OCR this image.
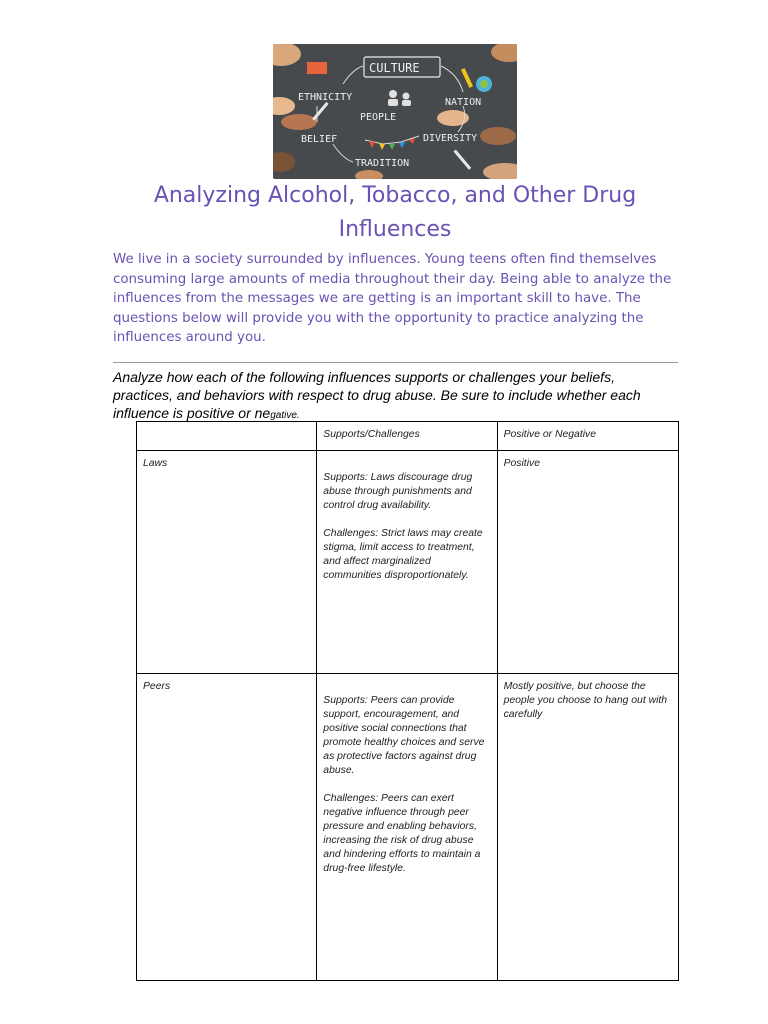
CULTURE
ETHNICITY	NATION
PEOPLE
BELIEF	DIVERSITY
TRADITION
Analyzing Alcohol, Tobacco, and Other Drug Influences

We live in a society surrounded by influences. Young teens often find themselves consuming large amounts of media throughout their day. Being able to analyze the influences from the messages we are getting is an important skill to have. The questions below will provide you with the opportunity to practice analyzing the influences around you.

Analyze how each of the following influences supports or challenges your beliefs, practices, and behaviors with respect to drug abuse. Be sure to include whether each influence is positive or negative.

	Supports/Challenges	Positive or Negative
Laws	Supports: Laws discourage drug abuse through punishments and control drug availability.

Challenges: Strict laws may create stigma, limit access to treatment, and affect marginalized communities disproportionately.	Positive
Peers	Supports: Peers can provide support, encouragement, and positive social connections that promote healthy choices and serve as protective factors against drug abuse.

Challenges: Peers can exert negative influence through peer pressure and enabling behaviors, increasing the risk of drug abuse and hindering efforts to maintain a drug-free lifestyle.	Mostly positive, but choose the people you choose to hang out with carefully
